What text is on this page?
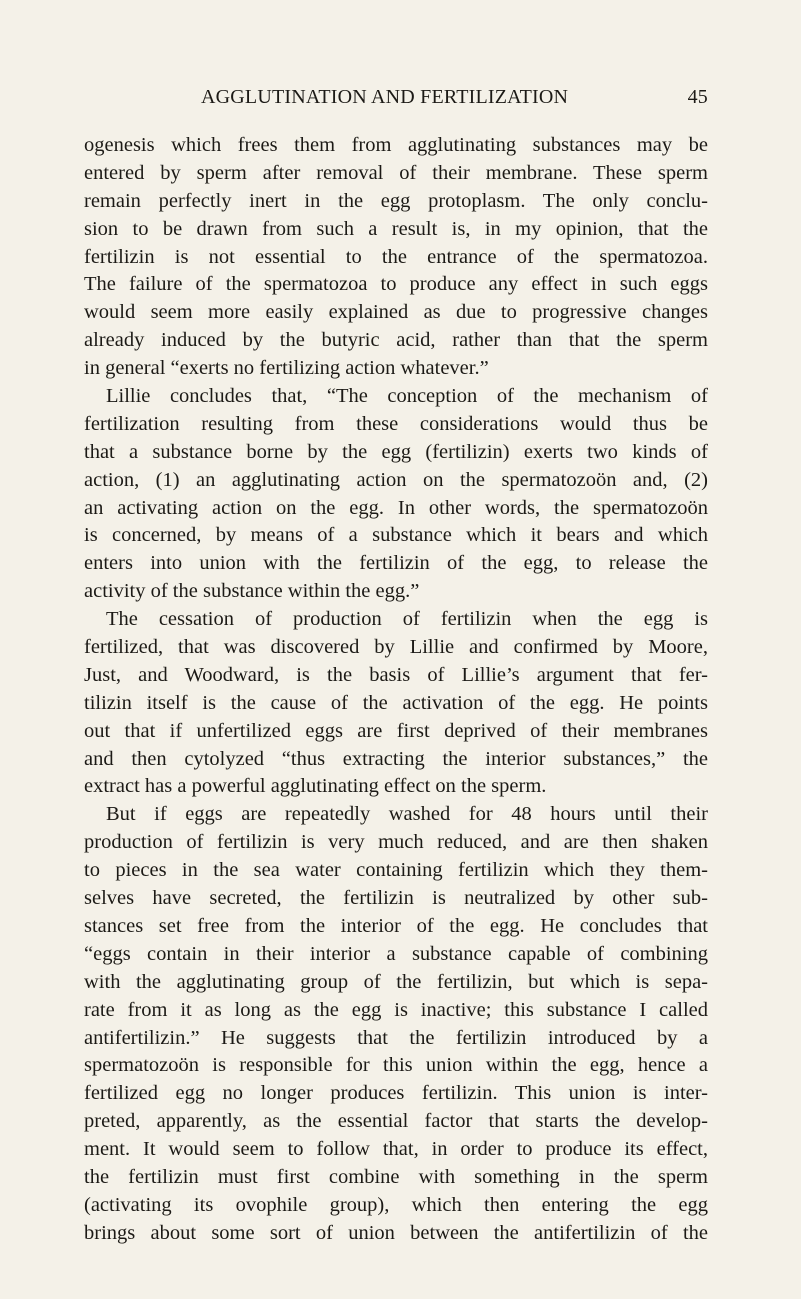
AGGLUTINATION AND FERTILIZATION	45
ogenesis which frees them from agglutinating substances may be
entered by sperm after removal of their membrane. These sperm
remain perfectly inert in the egg protoplasm. The only conclu-
sion to be drawn from such a result is, in my opinion, that the
fertilizin is not essential to the entrance of the spermatozoa.
The failure of the spermatozoa to produce any effect in such eggs
would seem more easily explained as due to progressive changes
already induced by the butyric acid, rather than that the sperm
in general “exerts no fertilizing action whatever.”
Lillie concludes that, “The conception of the mechanism of
fertilization resulting from these considerations would thus be
that a substance borne by the egg (fertilizin) exerts two kinds of
action, (1) an agglutinating action on the spermatozoön and, (2)
an activating action on the egg. In other words, the spermatozoön
is concerned, by means of a substance which it bears and which
enters into union with the fertilizin of the egg, to release the
activity of the substance within the egg.”
The cessation of production of fertilizin when the egg is
fertilized, that was discovered by Lillie and confirmed by Moore,
Just, and Woodward, is the basis of Lillie’s argument that fer-
tilizin itself is the cause of the activation of the egg. He points
out that if unfertilized eggs are first deprived of their membranes
and then cytolyzed “thus extracting the interior substances,” the
extract has a powerful agglutinating effect on the sperm.
But if eggs are repeatedly washed for 48 hours until their
production of fertilizin is very much reduced, and are then shaken
to pieces in the sea water containing fertilizin which they them-
selves have secreted, the fertilizin is neutralized by other sub-
stances set free from the interior of the egg. He concludes that
“eggs contain in their interior a substance capable of combining
with the agglutinating group of the fertilizin, but which is sepa-
rate from it as long as the egg is inactive; this substance I called
antifertilizin.” He suggests that the fertilizin introduced by a
spermatozoön is responsible for this union within the egg, hence a
fertilized egg no longer produces fertilizin. This union is inter-
preted, apparently, as the essential factor that starts the develop-
ment. It would seem to follow that, in order to produce its effect,
the fertilizin must first combine with something in the sperm
(activating its ovophile group), which then entering the egg
brings about some sort of union between the antifertilizin of the
